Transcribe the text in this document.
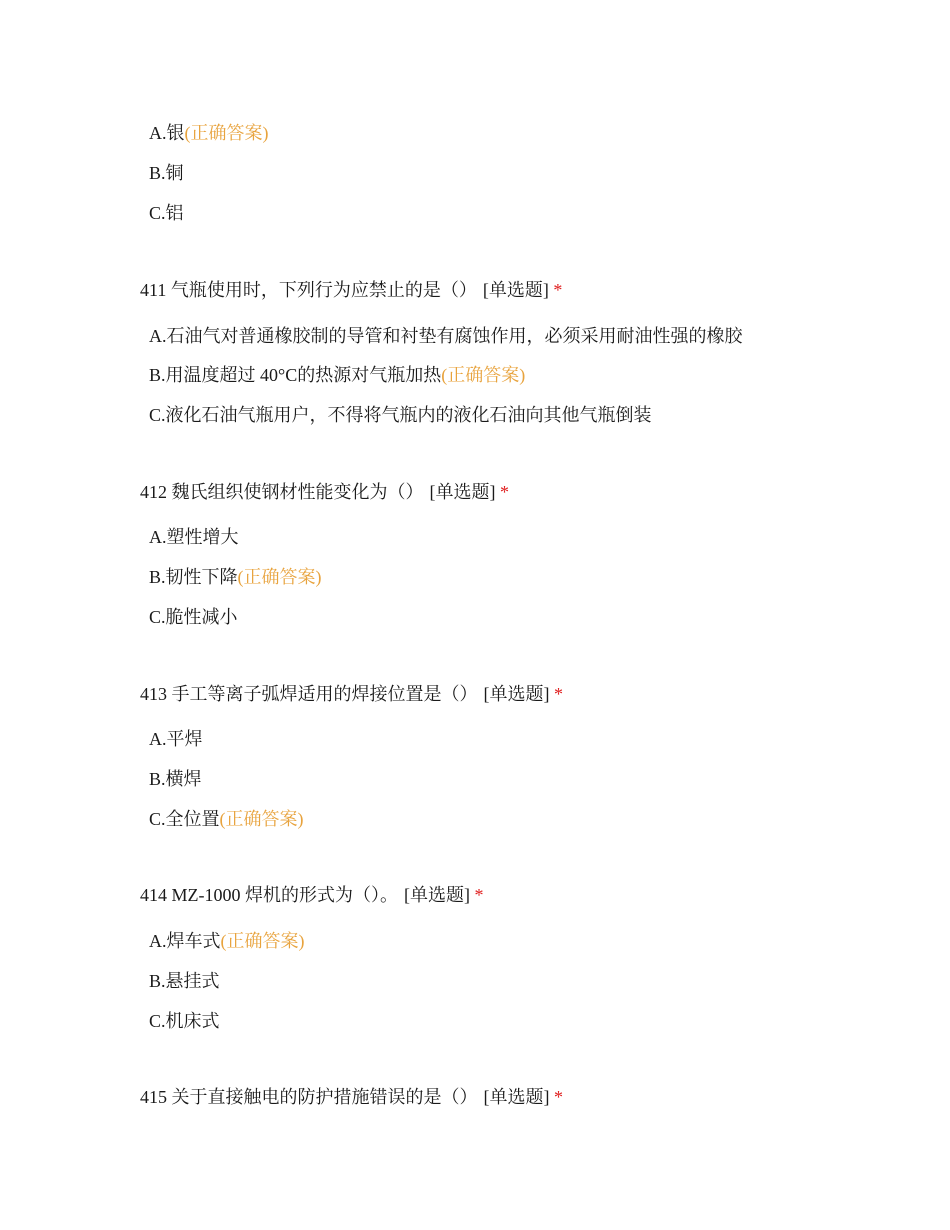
A.银(正确答案)
B.铜
C.铝
411 气瓶使用时，下列行为应禁止的是（） [单选题] *
A.石油气对普通橡胶制的导管和衬垫有腐蚀作用，必须采用耐油性强的橡胶
B.用温度超过 40°C的热源对气瓶加热(正确答案)
C.液化石油气瓶用户，不得将气瓶内的液化石油向其他气瓶倒装
412 魏氏组织使钢材性能变化为（） [单选题] *
A.塑性增大
B.韧性下降(正确答案)
C.脆性减小
413 手工等离子弧焊适用的焊接位置是（） [单选题] *
A.平焊
B.横焊
C.全位置(正确答案)
414 MZ-1000 焊机的形式为（）。 [单选题] *
A.焊车式(正确答案)
B.悬挂式
C.机床式
415 关于直接触电的防护措施错误的是（） [单选题] *
